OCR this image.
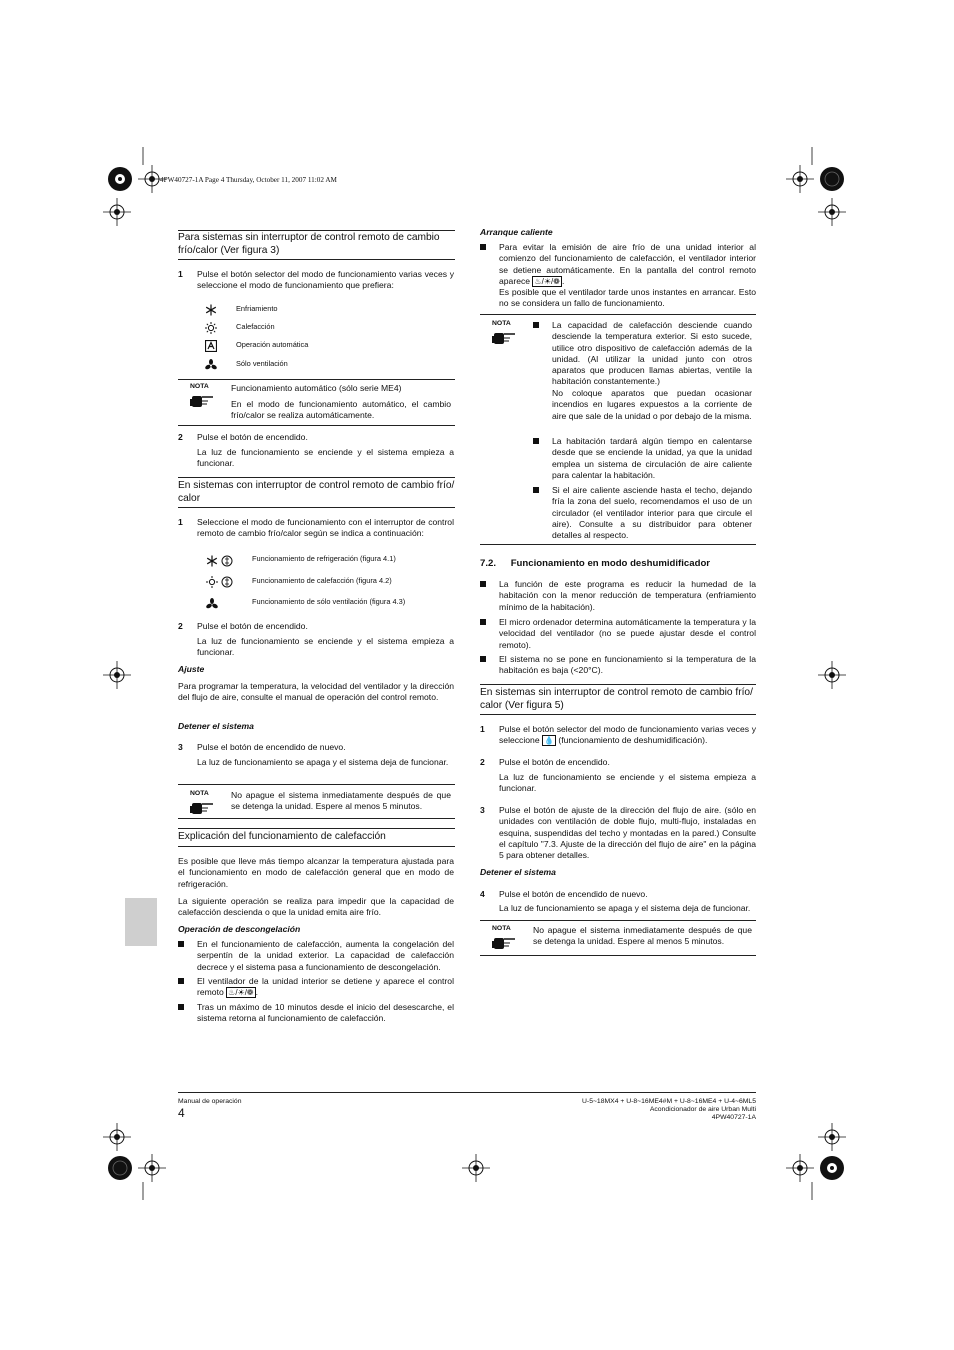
4PW40727-1A Page 4 Thursday, October 11, 2007 11:02 AM
Para sistemas sin interruptor de control remoto de cambio frío/calor (Ver figura 3)
1 Pulse el botón selector del modo de funcionamiento varias veces y seleccione el modo de funcionamiento que prefiera:
Enfriamiento
Calefacción
Operación automática
Sólo ventilación
NOTA	Funcionamiento automático (sólo serie ME4)
En el modo de funcionamiento automático, el cambio frío/calor se realiza automáticamente.
2 Pulse el botón de encendido.
La luz de funcionamiento se enciende y el sistema empieza a funcionar.
En sistemas con interruptor de control remoto de cambio frío/ calor
1 Seleccione el modo de funcionamiento con el interruptor de control remoto de cambio frío/calor según se indica a continuación:
Funcionamiento de refrigeración (figura 4.1)
Funcionamiento de calefacción (figura 4.2)
Funcionamiento de sólo ventilación (figura 4.3)
2 Pulse el botón de encendido.
La luz de funcionamiento se enciende y el sistema empieza a funcionar.
Ajuste
Para programar la temperatura, la velocidad del ventilador y la dirección del flujo de aire, consulte el manual de operación del control remoto.
Detener el sistema
3 Pulse el botón de encendido de nuevo.
La luz de funcionamiento se apaga y el sistema deja de funcionar.
NOTA	No apague el sistema inmediatamente después de que se detenga la unidad. Espere al menos 5 minutos.
Explicación del funcionamiento de calefacción
Es posible que lleve más tiempo alcanzar la temperatura ajustada para el funcionamiento en modo de calefacción general que en modo de refrigeración.
La siguiente operación se realiza para impedir que la capacidad de calefacción descienda o que la unidad emita aire frío.
Operación de descongelación
En el funcionamiento de calefacción, aumenta la congelación del serpentín de la unidad exterior. La capacidad de calefacción decrece y el sistema pasa a funcionamiento de descongelación.
El ventilador de la unidad interior se detiene y aparece el control remoto ♨/☀/❁ .
Tras un máximo de 10 minutos desde el inicio del desescarche, el sistema retorna al funcionamiento de calefacción.
Arranque caliente
Para evitar la emisión de aire frío de una unidad interior al comienzo del funcionamiento de calefacción, el ventilador interior se detiene automáticamente. En la pantalla del control remoto aparece ♨/☀/❁ .
Es posible que el ventilador tarde unos instantes en arrancar. Esto no se considera un fallo de funcionamiento.
NOTA	La capacidad de calefacción desciende cuando desciende la temperatura exterior. Si esto sucede, utilice otro dispositivo de calefacción además de la unidad. (Al utilizar la unidad junto con otros aparatos que producen llamas abiertas, ventile la habitación constantemente.)
No coloque aparatos que puedan ocasionar incendios en lugares expuestos a la corriente de aire que sale de la unidad o por debajo de la misma.
La habitación tardará algún tiempo en calentarse desde que se enciende la unidad, ya que la unidad emplea un sistema de circulación de aire caliente para calentar la habitación.
Si el aire caliente asciende hasta el techo, dejando fría la zona del suelo, recomendamos el uso de un circulador (el ventilador interior para que circule el aire). Consulte a su distribuidor para obtener detalles al respecto.
7.2. Funcionamiento en modo deshumidificador
La función de este programa es reducir la humedad de la habitación con la menor reducción de temperatura (enfriamiento mínimo de la habitación).
El micro ordenador determina automáticamente la temperatura y la velocidad del ventilador (no se puede ajustar desde el control remoto).
El sistema no se pone en funcionamiento si la temperatura de la habitación es baja (<20°C).
En sistemas sin interruptor de control remoto de cambio frío/ calor (Ver figura 5)
1 Pulse el botón selector del modo de funcionamiento varias veces y seleccione 💧 (funcionamiento de deshumidificación).
2 Pulse el botón de encendido.
La luz de funcionamiento se enciende y el sistema empieza a funcionar.
3 Pulse el botón de ajuste de la dirección del flujo de aire. (sólo en unidades con ventilación de doble flujo, multi-flujo, instaladas en esquina, suspendidas del techo y montadas en la pared.) Consulte el capítulo "7.3. Ajuste de la dirección del flujo de aire" en la página 5 para obtener detalles.
Detener el sistema
4 Pulse el botón de encendido de nuevo.
La luz de funcionamiento se apaga y el sistema deja de funcionar.
NOTA	No apague el sistema inmediatamente después de que se detenga la unidad. Espere al menos 5 minutos.
Manual de operación
4
U-5~18MX4 + U-8~16ME4#M + U-8~16ME4 + U-4~6ML5
Acondicionador de aire Urban Multi
4PW40727-1A
